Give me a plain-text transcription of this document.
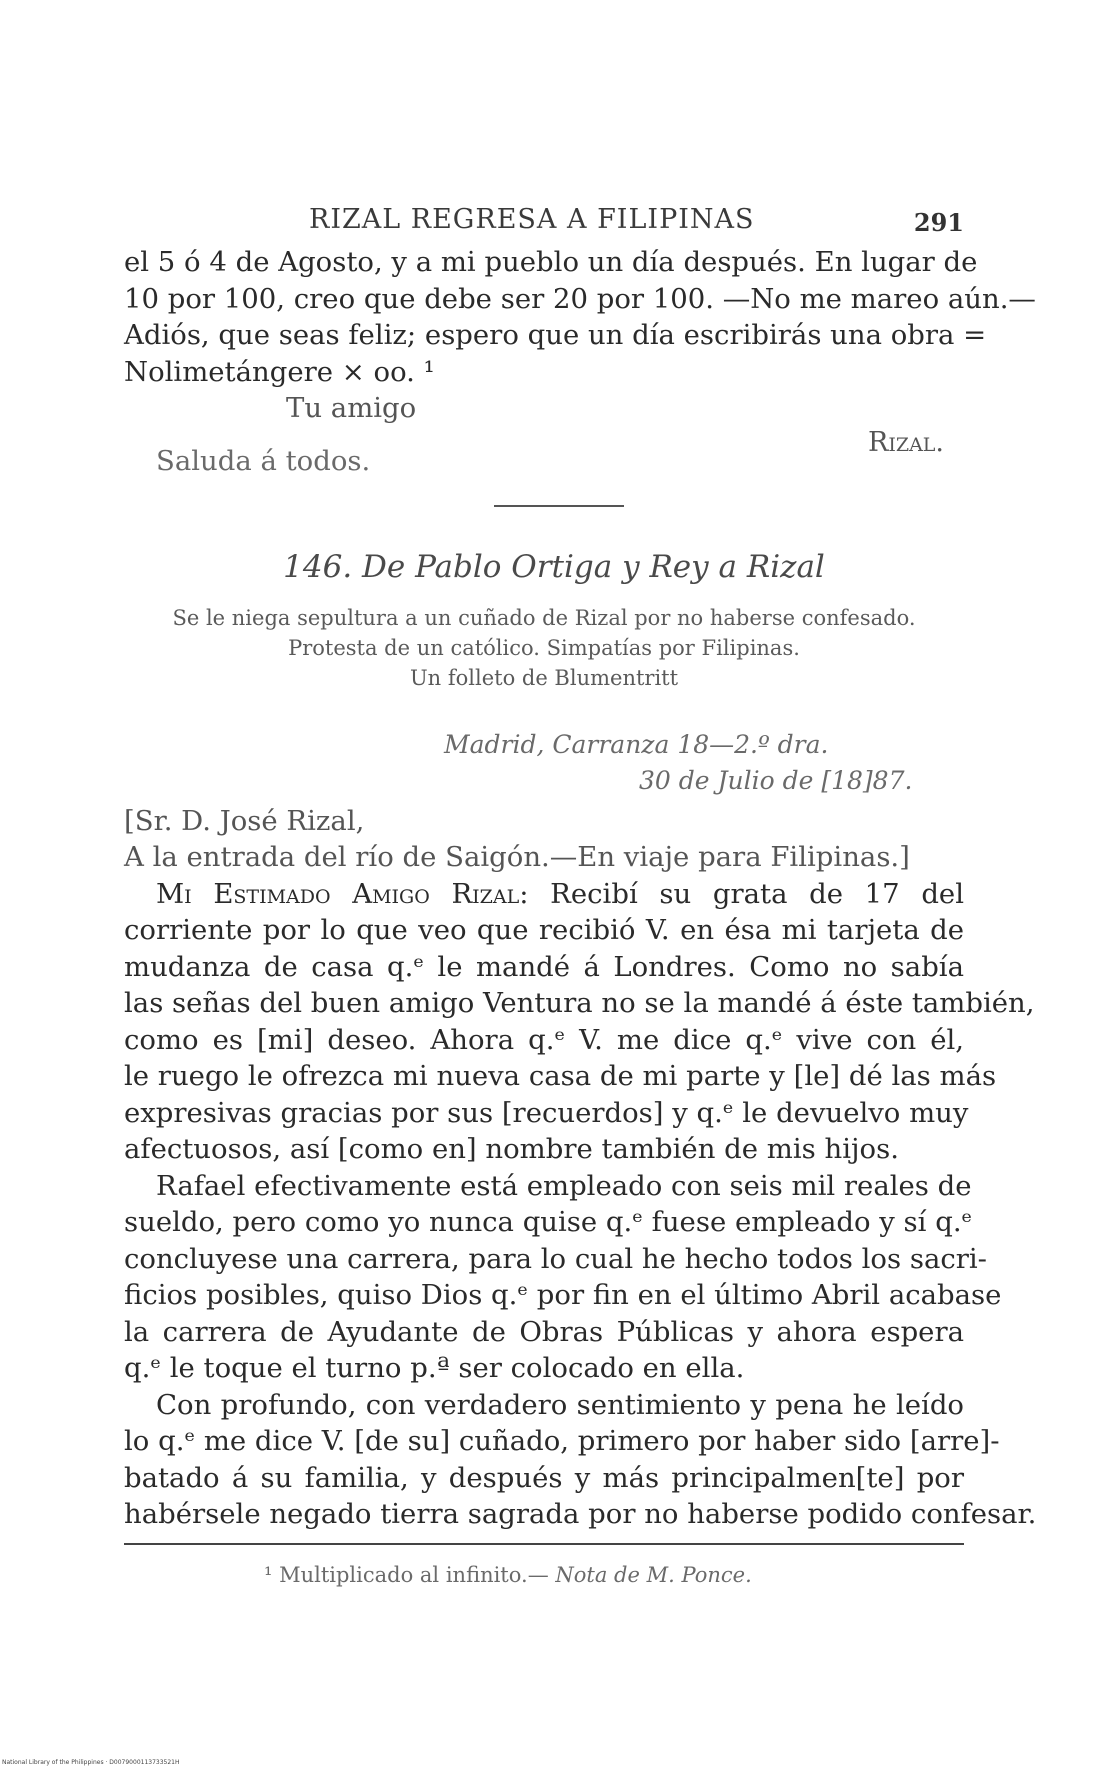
RIZAL REGRESA A FILIPINAS	291
el 5 ó 4 de Agosto, y a mi pueblo un día después. En lugar de
10 por 100, creo que debe ser 20 por 100. —No me mareo aún.—
Adiós, que seas feliz; espero que un día escribirás una obra =
Nolimetángere × oo. ¹
Tu amigo
Saluda á todos.
Rizal.
146. De Pablo Ortiga y Rey a Rizal
Se le niega sepultura a un cuñado de Rizal por no haberse confesado.
Protesta de un católico. Simpatías por Filipinas.
Un folleto de Blumentritt
Madrid, Carranza 18—2.º dra.
30 de Julio de [18]87.
[Sr. D. José Rizal,
A la entrada del río de Saigón.—En viaje para Filipinas.]
Mi Estimado Amigo Rizal: Recibí su grata de 17 del
corriente por lo que veo que recibió V. en ésa mi tarjeta de
mudanza de casa q.ᵉ le mandé á Londres. Como no sabía
las señas del buen amigo Ventura no se la mandé á éste también,
como es [mi] deseo. Ahora q.ᵉ V. me dice q.ᵉ vive con él,
le ruego le ofrezca mi nueva casa de mi parte y [le] dé las más
expresivas gracias por sus [recuerdos] y q.ᵉ le devuelvo muy
afectuosos, así [como en] nombre también de mis hijos.
Rafael efectivamente está empleado con seis mil reales de
sueldo, pero como yo nunca quise q.ᵉ fuese empleado y sí q.ᵉ
concluyese una carrera, para lo cual he hecho todos los sacri-
ficios posibles, quiso Dios q.ᵉ por fin en el último Abril acabase
la carrera de Ayudante de Obras Públicas y ahora espera
q.ᵉ le toque el turno p.ª ser colocado en ella.
Con profundo, con verdadero sentimiento y pena he leído
lo q.ᵉ me dice V. [de su] cuñado, primero por haber sido [arre]-
batado á su familia, y después y más principalmen[te] por
habérsele negado tierra sagrada por no haberse podido confesar.
¹ Multiplicado al infinito.— Nota de M. Ponce.
National Library of the Philippines · D0079000113733521H
